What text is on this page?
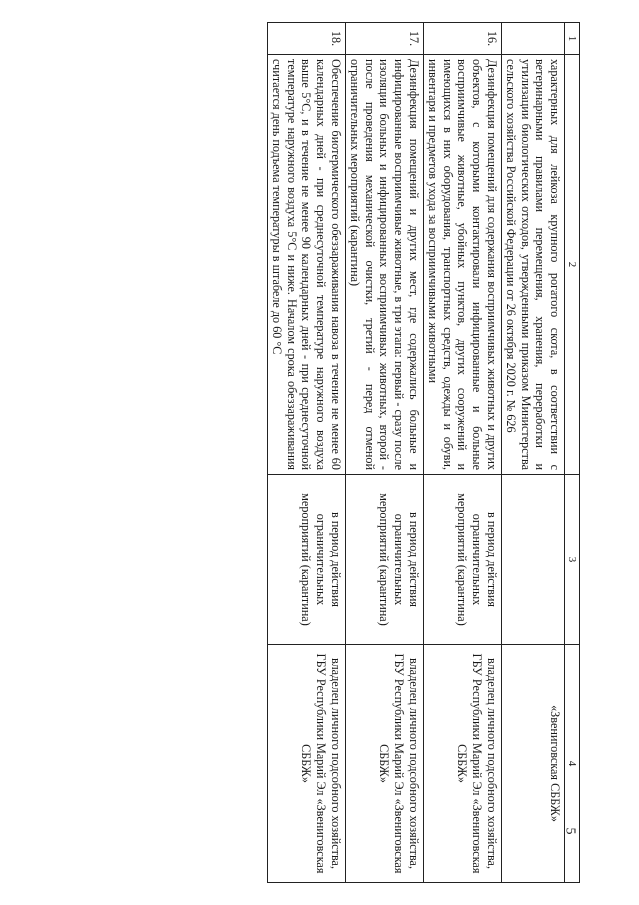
5
1	2	3	4
	характерных для лейкоза крупного рогатого скота, в соответствии с ветеринарными правилами перемещения, хранения, переработки и утилизации биологических отходов, утвержденными приказом Министерства сельского хозяйства Российской Федерации от 26 октября 2020 г. № 626		«Звениговская СББЖ»
16.	Дезинфекция помещений для содержания восприимчивых животных и других объектов, с которыми контактировали инфицированные и больные восприимчивые животные, убойных пунктов, других сооружений и имеющихся в них оборудования, транспортных средств, одежды и обуви, инвентаря и предметов ухода за восприимчивыми животными	в период действия ограничительных мероприятий (карантина)	владелец личного подсобного хозяйства, ГБУ Республики Марий Эл «Звениговская СББЖ»
17.	Дезинфекция помещений и других мест, где содержались больные и инфицированные восприимчивые животные, в три этапа: первый - сразу после изоляции больных и инфицированных восприимчивых животных, второй - после проведения механической очистки, третий - перед отменой ограничительных мероприятий (карантина)	в период действия ограничительных мероприятий (карантина)	владелец личного подсобного хозяйства, ГБУ Республики Марий Эл «Звениговская СББЖ»
18.	Обеспечение биотермического обеззараживания навоза в течение не менее 60 календарных дней - при среднесуточной температуре наружного воздуха выше 5°С, и в течение не менее 90 календарных дней - при среднесуточной температуре наружного воздуха 5°С и ниже. Началом срока обеззараживания считается день подъема температуры в штабеле до 60 °С	в период действия ограничительных мероприятий (карантина)	владелец личного подсобного хозяйства, ГБУ Республики Марий Эл «Звениговская СББЖ»
